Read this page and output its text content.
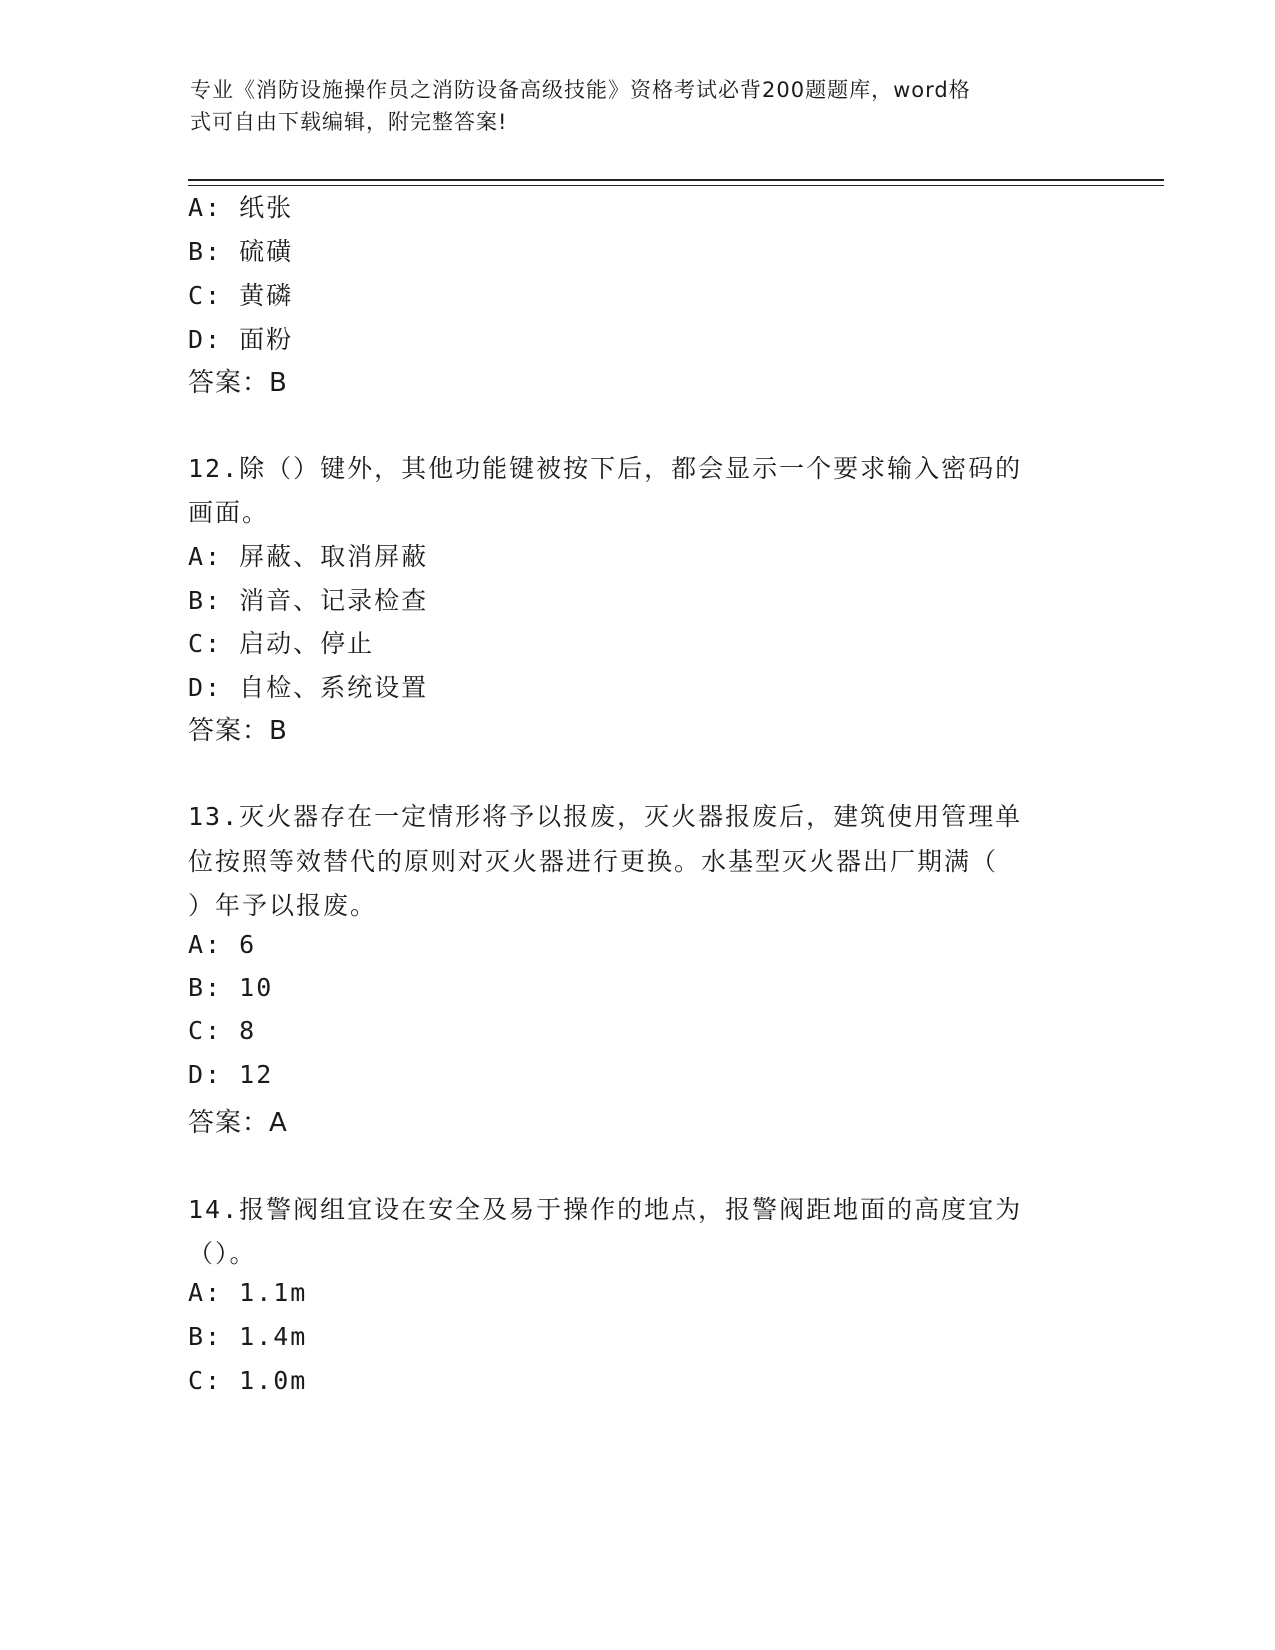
专业《消防设施操作员之消防设备高级技能》资格考试必背200题题库，word格
式可自由下载编辑，附完整答案!
A: 纸张
B: 硫磺
C: 黄磷
D: 面粉
答案：B
12.除（）键外，其他功能键被按下后，都会显示一个要求输入密码的
画面。
A: 屏蔽、取消屏蔽
B: 消音、记录检查
C: 启动、停止
D: 自检、系统设置
答案：B
13.灭火器存在一定情形将予以报废，灭火器报废后，建筑使用管理单
位按照等效替代的原则对灭火器进行更换。水基型灭火器出厂期满（
）年予以报废。
A: 6
B: 10
C: 8
D: 12
答案：A
14.报警阀组宜设在安全及易于操作的地点，报警阀距地面的高度宜为
（）。
A: 1.1m
B: 1.4m
C: 1.0m
